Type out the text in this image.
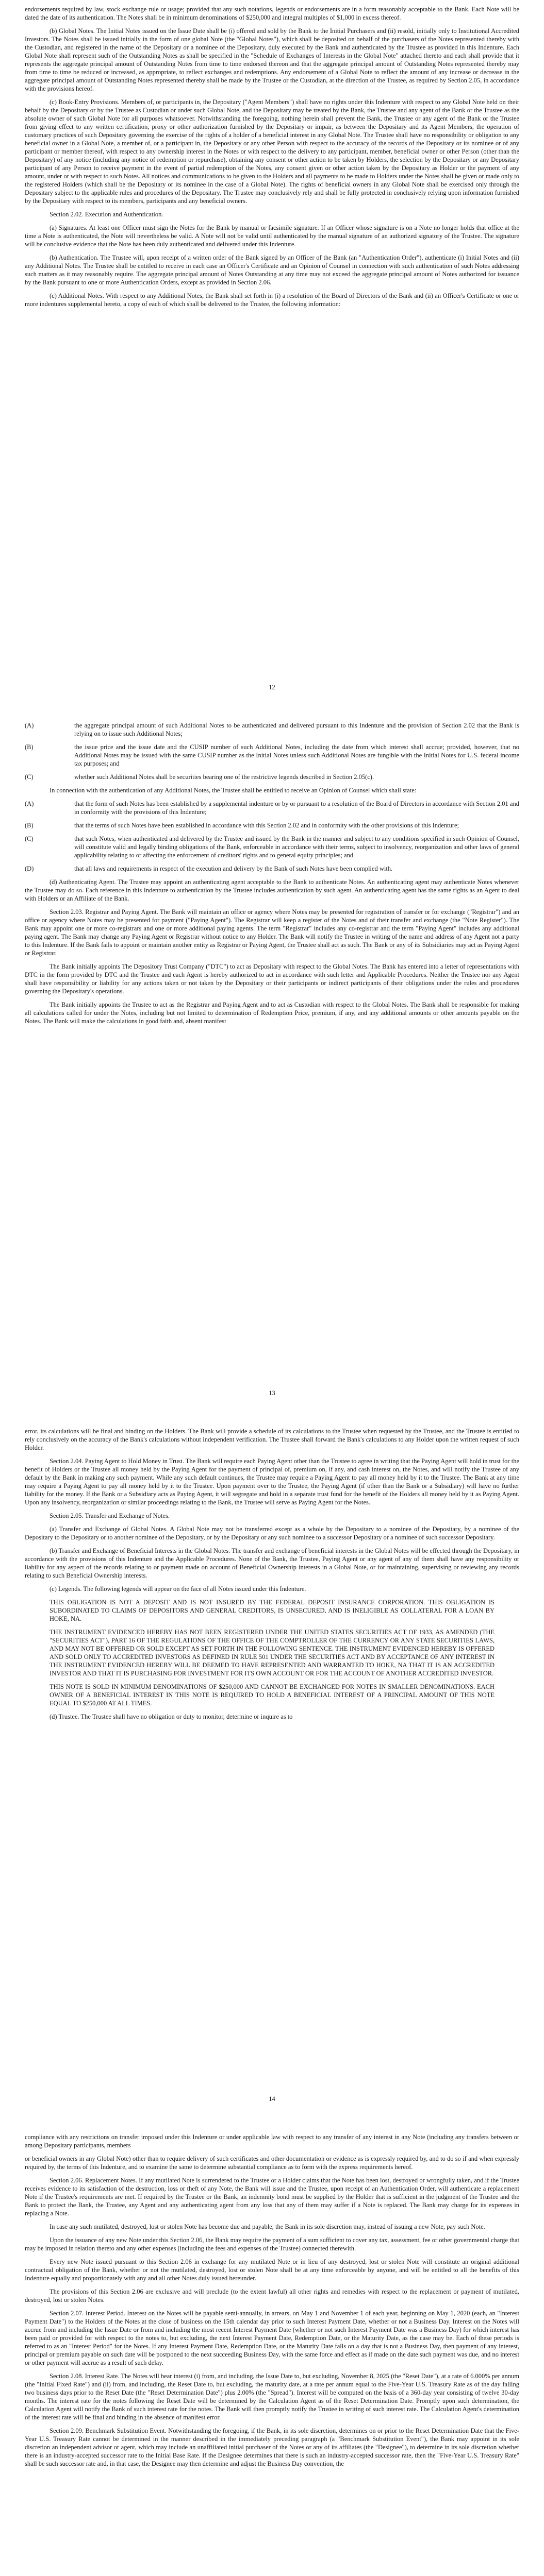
endorsements required by law, stock exchange rule or usage; provided that any such notations, legends or endorsements are in a form reasonably acceptable to the Bank. Each Note will be dated the date of its authentication. The Notes shall be in minimum denominations of $250,000 and integral multiples of $1,000 in excess thereof.

(b) Global Notes. The Initial Notes issued on the Issue Date shall be (i) offered and sold by the Bank to the Initial Purchasers and (ii) resold, initially only to Institutional Accredited Investors. The Notes shall be issued initially in the form of one global Note (the "Global Notes"), which shall be deposited on behalf of the purchasers of the Notes represented thereby with the Custodian, and registered in the name of the Depositary or a nominee of the Depositary, duly executed by the Bank and authenticated by the Trustee as provided in this Indenture. Each Global Note shall represent such of the Outstanding Notes as shall be specified in the "Schedule of Exchanges of Interests in the Global Note" attached thereto and each shall provide that it represents the aggregate principal amount of Outstanding Notes from time to time endorsed thereon and that the aggregate principal amount of Outstanding Notes represented thereby may from time to time be reduced or increased, as appropriate, to reflect exchanges and redemptions. Any endorsement of a Global Note to reflect the amount of any increase or decrease in the aggregate principal amount of Outstanding Notes represented thereby shall be made by the Trustee or the Custodian, at the direction of the Trustee, as required by Section 2.05, in accordance with the provisions hereof.

(c) Book-Entry Provisions. Members of, or participants in, the Depositary ("Agent Members") shall have no rights under this Indenture with respect to any Global Note held on their behalf by the Depositary or by the Trustee as Custodian or under such Global Note, and the Depositary may be treated by the Bank, the Trustee and any agent of the Bank or the Trustee as the absolute owner of such Global Note for all purposes whatsoever. Notwithstanding the foregoing, nothing herein shall prevent the Bank, the Trustee or any agent of the Bank or the Trustee from giving effect to any written certification, proxy or other authorization furnished by the Depositary or impair, as between the Depositary and its Agent Members, the operation of customary practices of such Depositary governing the exercise of the rights of a holder of a beneficial interest in any Global Note. The Trustee shall have no responsibility or obligation to any beneficial owner in a Global Note, a member of, or a participant in, the Depositary or any other Person with respect to the accuracy of the records of the Depositary or its nominee or of any participant or member thereof, with respect to any ownership interest in the Notes or with respect to the delivery to any participant, member, beneficial owner or other Person (other than the Depositary) of any notice (including any notice of redemption or repurchase), obtaining any consent or other action to be taken by Holders, the selection by the Depositary or any Depositary participant of any Person to receive payment in the event of partial redemption of the Notes, any consent given or other action taken by the Depositary as Holder or the payment of any amount, under or with respect to such Notes. All notices and communications to be given to the Holders and all payments to be made to Holders under the Notes shall be given or made only to the registered Holders (which shall be the Depositary or its nominee in the case of a Global Note). The rights of beneficial owners in any Global Note shall be exercised only through the Depositary subject to the applicable rules and procedures of the Depositary. The Trustee may conclusively rely and shall be fully protected in conclusively relying upon information furnished by the Depositary with respect to its members, participants and any beneficial owners.

Section 2.02. Execution and Authentication.

(a) Signatures. At least one Officer must sign the Notes for the Bank by manual or facsimile signature. If an Officer whose signature is on a Note no longer holds that office at the time a Note is authenticated, the Note will nevertheless be valid. A Note will not be valid until authenticated by the manual signature of an authorized signatory of the Trustee. The signature will be conclusive evidence that the Note has been duly authenticated and delivered under this Indenture.

(b) Authentication. The Trustee will, upon receipt of a written order of the Bank signed by an Officer of the Bank (an "Authentication Order"), authenticate (i) Initial Notes and (ii) any Additional Notes. The Trustee shall be entitled to receive in each case an Officer's Certificate and an Opinion of Counsel in connection with such authentication of such Notes addressing such matters as it may reasonably require. The aggregate principal amount of Notes Outstanding at any time may not exceed the aggregate principal amount of Notes authorized for issuance by the Bank pursuant to one or more Authentication Orders, except as provided in Section 2.06.

(c) Additional Notes. With respect to any Additional Notes, the Bank shall set forth in (i) a resolution of the Board of Directors of the Bank and (ii) an Officer's Certificate or one or more indentures supplemental hereto, a copy of each of which shall be delivered to the Trustee, the following information:

12
(A)	the aggregate principal amount of such Additional Notes to be authenticated and delivered pursuant to this Indenture and the provision of Section 2.02 that the Bank is relying on to issue such Additional Notes;
(B)	the issue price and the issue date and the CUSIP number of such Additional Notes, including the date from which interest shall accrue; provided, however, that no Additional Notes may be issued with the same CUSIP number as the Initial Notes unless such Additional Notes are fungible with the Initial Notes for U.S. federal income tax purposes; and
(C)	whether such Additional Notes shall be securities bearing one of the restrictive legends described in Section 2.05(c).

In connection with the authentication of any Additional Notes, the Trustee shall be entitled to receive an Opinion of Counsel which shall state:

(A)	that the form of such Notes has been established by a supplemental indenture or by or pursuant to a resolution of the Board of Directors in accordance with Section 2.01 and in conformity with the provisions of this Indenture;
(B)	that the terms of such Notes have been established in accordance with this Section 2.02 and in conformity with the other provisions of this Indenture;
(C)	that such Notes, when authenticated and delivered by the Trustee and issued by the Bank in the manner and subject to any conditions specified in such Opinion of Counsel, will constitute valid and legally binding obligations of the Bank, enforceable in accordance with their terms, subject to insolvency, reorganization and other laws of general applicability relating to or affecting the enforcement of creditors' rights and to general equity principles; and
(D)	that all laws and requirements in respect of the execution and delivery by the Bank of such Notes have been complied with.

(d) Authenticating Agent. The Trustee may appoint an authenticating agent acceptable to the Bank to authenticate Notes. An authenticating agent may authenticate Notes whenever the Trustee may do so. Each reference in this Indenture to authentication by the Trustee includes authentication by such agent. An authenticating agent has the same rights as an Agent to deal with Holders or an Affiliate of the Bank.

Section 2.03. Registrar and Paying Agent. The Bank will maintain an office or agency where Notes may be presented for registration of transfer or for exchange ("Registrar") and an office or agency where Notes may be presented for payment ("Paying Agent"). The Registrar will keep a register of the Notes and of their transfer and exchange (the "Note Register"). The Bank may appoint one or more co-registrars and one or more additional paying agents. The term "Registrar" includes any co-registrar and the term "Paying Agent" includes any additional paying agent. The Bank may change any Paying Agent or Registrar without notice to any Holder. The Bank will notify the Trustee in writing of the name and address of any Agent not a party to this Indenture. If the Bank fails to appoint or maintain another entity as Registrar or Paying Agent, the Trustee shall act as such. The Bank or any of its Subsidiaries may act as Paying Agent or Registrar.

The Bank initially appoints The Depository Trust Company ("DTC") to act as Depositary with respect to the Global Notes. The Bank has entered into a letter of representations with DTC in the form provided by DTC and the Trustee and each Agent is hereby authorized to act in accordance with such letter and Applicable Procedures. Neither the Trustee nor any Agent shall have responsibility or liability for any actions taken or not taken by the Depositary or their participants or indirect participants of their obligations under the rules and procedures governing the Depositary's operations.

The Bank initially appoints the Trustee to act as the Registrar and Paying Agent and to act as Custodian with respect to the Global Notes. The Bank shall be responsible for making all calculations called for under the Notes, including but not limited to determination of Redemption Price, premium, if any, and any additional amounts or other amounts payable on the Notes. The Bank will make the calculations in good faith and, absent manifest

13

error, its calculations will be final and binding on the Holders. The Bank will provide a schedule of its calculations to the Trustee when requested by the Trustee, and the Trustee is entitled to rely conclusively on the accuracy of the Bank's calculations without independent verification. The Trustee shall forward the Bank's calculations to any Holder upon the written request of such Holder.

Section 2.04. Paying Agent to Hold Money in Trust. The Bank will require each Paying Agent other than the Trustee to agree in writing that the Paying Agent will hold in trust for the benefit of Holders or the Trustee all money held by the Paying Agent for the payment of principal of, premium on, if any, and cash interest on, the Notes, and will notify the Trustee of any default by the Bank in making any such payment. While any such default continues, the Trustee may require a Paying Agent to pay all money held by it to the Trustee. The Bank at any time may require a Paying Agent to pay all money held by it to the Trustee. Upon payment over to the Trustee, the Paying Agent (if other than the Bank or a Subsidiary) will have no further liability for the money. If the Bank or a Subsidiary acts as Paying Agent, it will segregate and hold in a separate trust fund for the benefit of the Holders all money held by it as Paying Agent. Upon any insolvency, reorganization or similar proceedings relating to the Bank, the Trustee will serve as Paying Agent for the Notes.

Section 2.05. Transfer and Exchange of Notes.

(a) Transfer and Exchange of Global Notes. A Global Note may not be transferred except as a whole by the Depositary to a nominee of the Depositary, by a nominee of the Depositary to the Depositary or to another nominee of the Depositary, or by the Depositary or any such nominee to a successor Depositary or a nominee of such successor Depositary.

(b) Transfer and Exchange of Beneficial Interests in the Global Notes. The transfer and exchange of beneficial interests in the Global Notes will be effected through the Depositary, in accordance with the provisions of this Indenture and the Applicable Procedures. None of the Bank, the Trustee, Paying Agent or any agent of any of them shall have any responsibility or liability for any aspect of the records relating to or payment made on account of Beneficial Ownership interests in a Global Note, or for maintaining, supervising or reviewing any records relating to such Beneficial Ownership interests.

(c) Legends. The following legends will appear on the face of all Notes issued under this Indenture.

THIS OBLIGATION IS NOT A DEPOSIT AND IS NOT INSURED BY THE FEDERAL DEPOSIT INSURANCE CORPORATION. THIS OBLIGATION IS SUBORDINATED TO CLAIMS OF DEPOSITORS AND GENERAL CREDITORS, IS UNSECURED, AND IS INELIGIBLE AS COLLATERAL FOR A LOAN BY HOKE, NA.

THE INSTRUMENT EVIDENCED HEREBY HAS NOT BEEN REGISTERED UNDER THE UNITED STATES SECURITIES ACT OF 1933, AS AMENDED (THE "SECURITIES ACT"), PART 16 OF THE REGULATIONS OF THE OFFICE OF THE COMPTROLLER OF THE CURRENCY OR ANY STATE SECURITIES LAWS, AND MAY NOT BE OFFERED OR SOLD EXCEPT AS SET FORTH IN THE FOLLOWING SENTENCE. THE INSTRUMENT EVIDENCED HEREBY IS OFFERED AND SOLD ONLY TO ACCREDITED INVESTORS AS DEFINED IN RULE 501 UNDER THE SECURITIES ACT AND BY ACCEPTANCE OF ANY INTEREST IN THE INSTRUMENT EVIDENCED HEREBY WILL BE DEEMED TO HAVE REPRESENTED AND WARRANTED TO HOKE, NA THAT IT IS AN ACCREDITED INVESTOR AND THAT IT IS PURCHASING FOR INVESTMENT FOR ITS OWN ACCOUNT OR FOR THE ACCOUNT OF ANOTHER ACCREDITED INVESTOR.

THIS NOTE IS SOLD IN MINIMUM DENOMINATIONS OF $250,000 AND CANNOT BE EXCHANGED FOR NOTES IN SMALLER DENOMINATIONS. EACH OWNER OF A BENEFICIAL INTEREST IN THIS NOTE IS REQUIRED TO HOLD A BENEFICIAL INTEREST OF A PRINCIPAL AMOUNT OF THIS NOTE EQUAL TO $250,000 AT ALL TIMES.

(d) Trustee. The Trustee shall have no obligation or duty to monitor, determine or inquire as to

14

compliance with any restrictions on transfer imposed under this Indenture or under applicable law with respect to any transfer of any interest in any Note (including any transfers between or among Depositary participants, members

or beneficial owners in any Global Note) other than to require delivery of such certificates and other documentation or evidence as is expressly required by, and to do so if and when expressly required by, the terms of this Indenture, and to examine the same to determine substantial compliance as to form with the express requirements hereof.

Section 2.06. Replacement Notes. If any mutilated Note is surrendered to the Trustee or a Holder claims that the Note has been lost, destroyed or wrongfully taken, and if the Trustee receives evidence to its satisfaction of the destruction, loss or theft of any Note, the Bank will issue and the Trustee, upon receipt of an Authentication Order, will authenticate a replacement Note if the Trustee's requirements are met. If required by the Trustee or the Bank, an indemnity bond must be supplied by the Holder that is sufficient in the judgment of the Trustee and the Bank to protect the Bank, the Trustee, any Agent and any authenticating agent from any loss that any of them may suffer if a Note is replaced. The Bank may charge for its expenses in replacing a Note.

In case any such mutilated, destroyed, lost or stolen Note has become due and payable, the Bank in its sole discretion may, instead of issuing a new Note, pay such Note.

Upon the issuance of any new Note under this Section 2.06, the Bank may require the payment of a sum sufficient to cover any tax, assessment, fee or other governmental charge that may be imposed in relation thereto and any other expenses (including the fees and expenses of the Trustee) connected therewith.

Every new Note issued pursuant to this Section 2.06 in exchange for any mutilated Note or in lieu of any destroyed, lost or stolen Note will constitute an original additional contractual obligation of the Bank, whether or not the mutilated, destroyed, lost or stolen Note shall be at any time enforceable by anyone, and will be entitled to all the benefits of this Indenture equally and proportionately with any and all other Notes duly issued hereunder.

The provisions of this Section 2.06 are exclusive and will preclude (to the extent lawful) all other rights and remedies with respect to the replacement or payment of mutilated, destroyed, lost or stolen Notes.

Section 2.07. Interest Period. Interest on the Notes will be payable semi-annually, in arrears, on May 1 and November 1 of each year, beginning on May 1, 2020 (each, an "Interest Payment Date") to the Holders of the Notes at the close of business on the 15th calendar day prior to such Interest Payment Date, whether or not a Business Day. Interest on the Notes will accrue from and including the Issue Date or from and including the most recent Interest Payment Date (whether or not such Interest Payment Date was a Business Day) for which interest has been paid or provided for with respect to the notes to, but excluding, the next Interest Payment Date, Redemption Date, or the Maturity Date, as the case may be. Each of these periods is referred to as an "Interest Period" for the Notes. If any Interest Payment Date, Redemption Date, or the Maturity Date falls on a day that is not a Business Day, then payment of any interest, principal or premium payable on such date will be postponed to the next succeeding Business Day, with the same force and effect as if made on the date such payment was due, and no interest or other payment will accrue as a result of such delay.

Section 2.08. Interest Rate. The Notes will bear interest (i) from, and including, the Issue Date to, but excluding, November 8, 2025 (the "Reset Date"), at a rate of 6.000% per annum (the "Initial Fixed Rate") and (ii) from, and including, the Reset Date to, but excluding, the maturity date, at a rate per annum equal to the Five-Year U.S. Treasury Rate as of the day falling two business days prior to the Reset Date (the "Reset Determination Date") plus 2.00% (the "Spread"). Interest will be computed on the basis of a 360-day year consisting of twelve 30-day months. The interest rate for the notes following the Reset Date will be determined by the Calculation Agent as of the Reset Determination Date. Promptly upon such determination, the Calculation Agent will notify the Bank of such interest rate for the notes. The Bank will then promptly notify the Trustee in writing of such interest rate. The Calculation Agent's determination of the interest rate will be final and binding in the absence of manifest error.

Section 2.09. Benchmark Substitution Event. Notwithstanding the foregoing, if the Bank, in its sole discretion, determines on or prior to the Reset Determination Date that the Five-Year U.S. Treasury Rate cannot be determined in the manner described in the immediately preceding paragraph (a "Benchmark Substitution Event"), the Bank may appoint in its sole discretion an independent advisor or agent, which may include an unaffiliated initial purchaser of the Notes or any of its affiliates (the "Designee"), to determine in its sole discretion whether there is an industry-accepted successor rate to the Initial Base Rate. If the Designee determines that there is such an industry-accepted successor rate, then the "Five-Year U.S. Treasury Rate" shall be such successor rate and, in that case, the Designee may then determine and adjust the Business Day convention, the
